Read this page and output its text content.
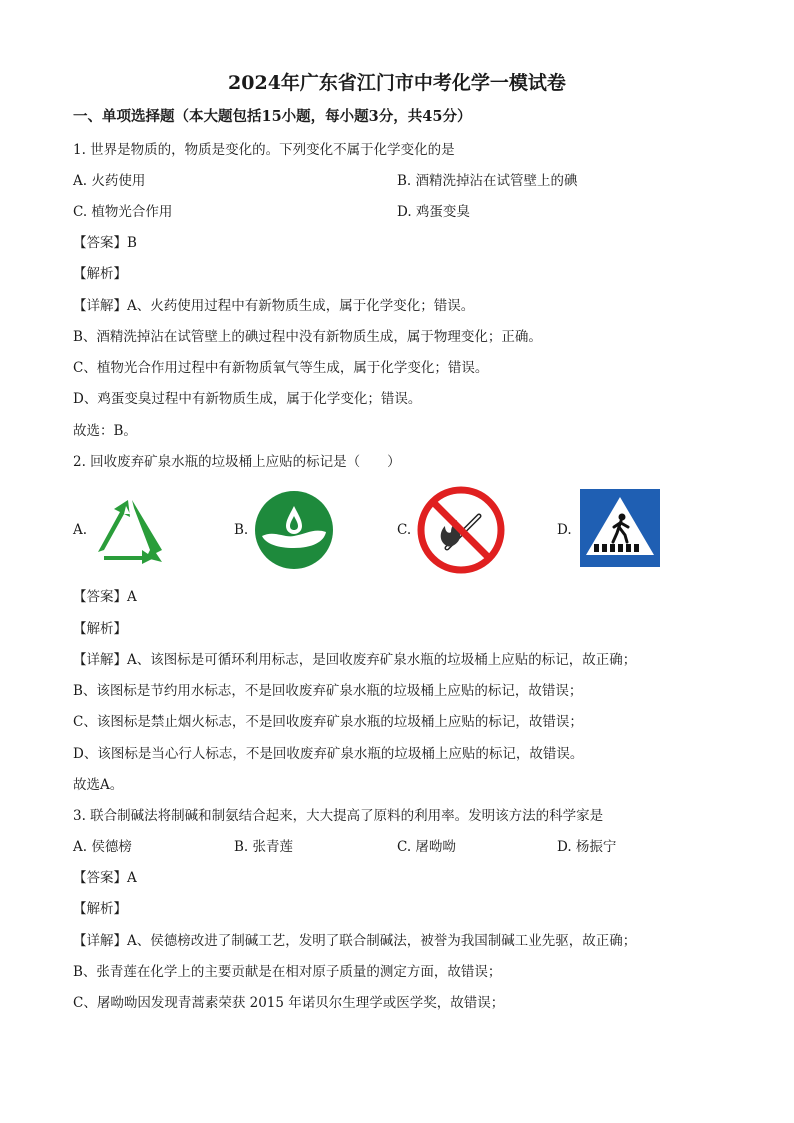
2024年广东省江门市中考化学一模试卷
一、单项选择题（本大题包括15小题，每小题3分，共45分）
1. 世界是物质的，物质是变化的。下列变化不属于化学变化的是
A. 火药使用	B. 酒精洗掉沾在试管壁上的碘
C. 植物光合作用	D. 鸡蛋变臭
【答案】B
【解析】
【详解】A、火药使用过程中有新物质生成，属于化学变化；错误。
B、酒精洗掉沾在试管壁上的碘过程中没有新物质生成，属于物理变化；正确。
C、植物光合作用过程中有新物质氧气等生成，属于化学变化；错误。
D、鸡蛋变臭过程中有新物质生成，属于化学变化；错误。
故选：B。
2. 回收废弃矿泉水瓶的垃圾桶上应贴的标记是（　　）
A.	B.	C.	D.
【答案】A
【解析】
【详解】A、该图标是可循环利用标志，是回收废弃矿泉水瓶的垃圾桶上应贴的标记，故正确；
B、该图标是节约用水标志，不是回收废弃矿泉水瓶的垃圾桶上应贴的标记，故错误；
C、该图标是禁止烟火标志，不是回收废弃矿泉水瓶的垃圾桶上应贴的标记，故错误；
D、该图标是当心行人标志，不是回收废弃矿泉水瓶的垃圾桶上应贴的标记，故错误。
故选A。
3. 联合制碱法将制碱和制氨结合起来，大大提高了原料的利用率。发明该方法的科学家是
A. 侯德榜	B. 张青莲	C. 屠呦呦	D. 杨振宁
【答案】A
【解析】
【详解】A、侯德榜改进了制碱工艺，发明了联合制碱法，被誉为我国制碱工业先驱，故正确；
B、张青莲在化学上的主要贡献是在相对原子质量的测定方面，故错误；
C、屠呦呦因发现青蒿素荣获 2015 年诺贝尔生理学或医学奖，故错误；
